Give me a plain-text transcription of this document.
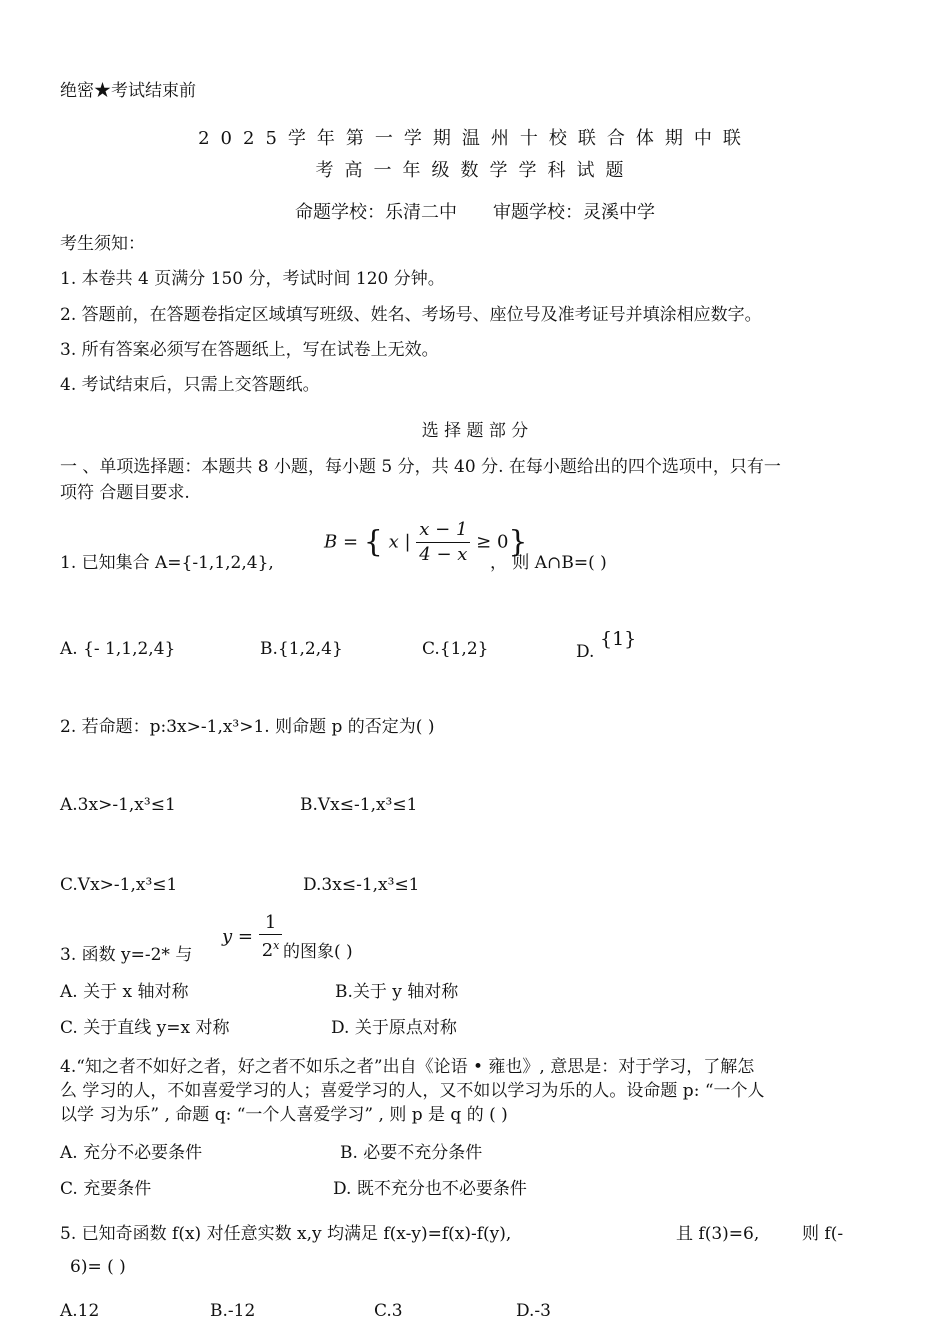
绝密★考试结束前
2025学年第一学期温州十校联合体期中联
考高一年级数学学科试题
命题学校：乐清二中　　审题学校：灵溪中学
考生须知：
1. 本卷共 4 页满分 150 分，考试时间 120 分钟。
2. 答题前，在答题卷指定区域填写班级、姓名、考场号、座位号及准考证号并填涂相应数字。
3. 所有答案必须写在答题纸上，写在试卷上无效。
4. 考试结束后，只需上交答题纸。
选 择 题 部 分
一 、单项选择题：本题共 8 小题，每小题 5 分，共 40 分. 在每小题给出的四个选项中，只有一
项符 合题目要求.
1. 已知集合 A={-1,1,2,4},
B = { x | $\frac{x - 1}{4 - x} \ge 0$}
， 则 A∩B=( )
A. {- 1,1,2,4}	B.{1,2,4}	C.{1,2}	D.
{1}
2. 若命题：p:3x>-1,x³>1. 则命题 p 的否定为( )
A.3x>-1,x³≤1	B.Vx≤-1,x³≤1
C.Vx>-1,x³≤1	D.3x≤-1,x³≤1
3. 函数 y=-2* 与
$y = \frac{1}{2^x}$ 的图象( )
A. 关于 x 轴对称	B.关于 y 轴对称
C. 关于直线 y=x 对称	D. 关于原点对称
4.“知之者不如好之者，好之者不如乐之者”出自《论语 • 雍也》, 意思是：对于学习，了解怎
么 学习的人，不如喜爱学习的人；喜爱学习的人，又不如以学习为乐的人。设命题 p: “一个人
以学 习为乐” , 命题 q: “一个人喜爱学习” , 则 p 是 q 的 ( )
A. 充分不必要条件	B. 必要不充分条件
C. 充要条件	D. 既不充分也不必要条件
5. 已知奇函数 f(x) 对任意实数 x,y 均满足 f(x-y)=f(x)-f(y),	且 f(3)=6,	则 f(-
6)= ( )
A.12	B.-12	C.3	D.-3
